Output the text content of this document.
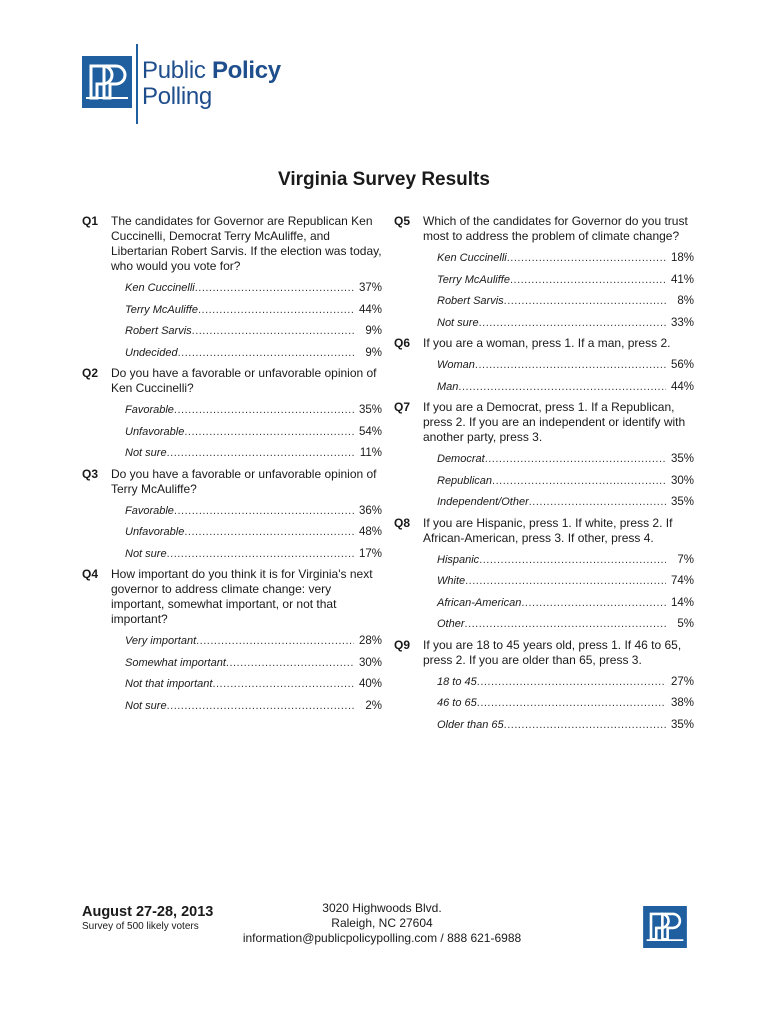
Public Policy
Polling
Virginia Survey Results
Q1	The candidates for Governor are Republican Ken Cuccinelli, Democrat Terry McAuliffe, and Libertarian Robert Sarvis. If the election was today, who would you vote for?
Ken Cuccinelli .....	37%
Terry McAuliffe .....	44%
Robert Sarvis .....	9%
Undecided .....	9%
Q2	Do you have a favorable or unfavorable opinion of Ken Cuccinelli?
Favorable .....	35%
Unfavorable .....	54%
Not sure .....	11%
Q3	Do you have a favorable or unfavorable opinion of Terry McAuliffe?
Favorable .....	36%
Unfavorable .....	48%
Not sure .....	17%
Q4	How important do you think it is for Virginia's next governor to address climate change: very important, somewhat important, or not that important?
Very important .....	28%
Somewhat important .....	30%
Not that important .....	40%
Not sure .....	2%
Q5	Which of the candidates for Governor do you trust most to address the problem of climate change?
Ken Cuccinelli .....	18%
Terry McAuliffe .....	41%
Robert Sarvis .....	8%
Not sure .....	33%
Q6	If you are a woman, press 1. If a man, press 2.
Woman .....	56%
Man .....	44%
Q7	If you are a Democrat, press 1. If a Republican, press 2. If you are an independent or identify with another party, press 3.
Democrat .....	35%
Republican .....	30%
Independent/Other .....	35%
Q8	If you are Hispanic, press 1. If white, press 2. If African-American, press 3. If other, press 4.
Hispanic .....	7%
White .....	74%
African-American .....	14%
Other .....	5%
Q9	If you are 18 to 45 years old, press 1. If 46 to 65, press 2. If you are older than 65, press 3.
18 to 45 .....	27%
46 to 65 .....	38%
Older than 65 .....	35%
August 27-28, 2013
Survey of 500 likely voters
3020 Highwoods Blvd.
Raleigh, NC 27604
information@publicpolicypolling.com / 888 621-6988
